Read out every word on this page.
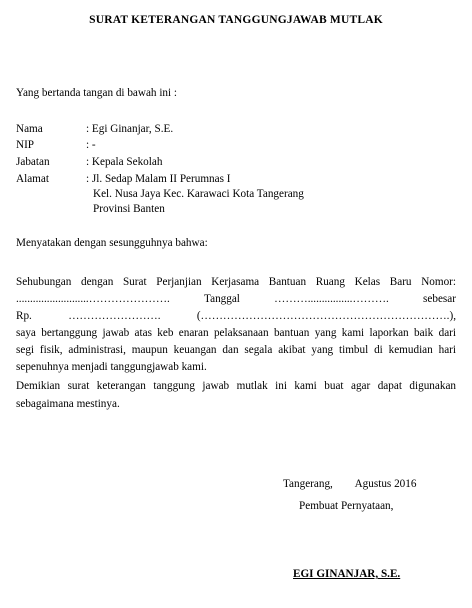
SURAT KETERANGAN TANGGUNGJAWAB MUTLAK
Yang bertanda tangan di bawah ini :
Nama	: Egi Ginanjar, S.E.
NIP	: -
Jabatan	: Kepala Sekolah
Alamat	: Jl. Sedap Malam II Perumnas I
Kel. Nusa Jaya Kec. Karawaci Kota Tangerang
Provinsi Banten
Menyatakan dengan sesungguhnya bahwa:
Sehubungan dengan Surat Perjanjian Kerjasama Bantuan Ruang Kelas Baru Nomor:
..........................………………….	Tanggal	………................……….	sebesar
Rp. ……………………. (………………………………………………………….),
saya bertanggung jawab atas keb enaran pelaksanaan bantuan yang kami laporkan baik dari
segi fisik, administrasi, maupun keuangan dan segala akibat yang timbul di kemudian hari
sepenuhnya menjadi tanggungjawab kami.
Demikian surat keterangan tanggung jawab mutlak ini kami buat agar dapat digunakan
sebagaimana mestinya.
Tangerang,        Agustus 2016
Pembuat Pernyataan,
EGI GINANJAR, S.E.
